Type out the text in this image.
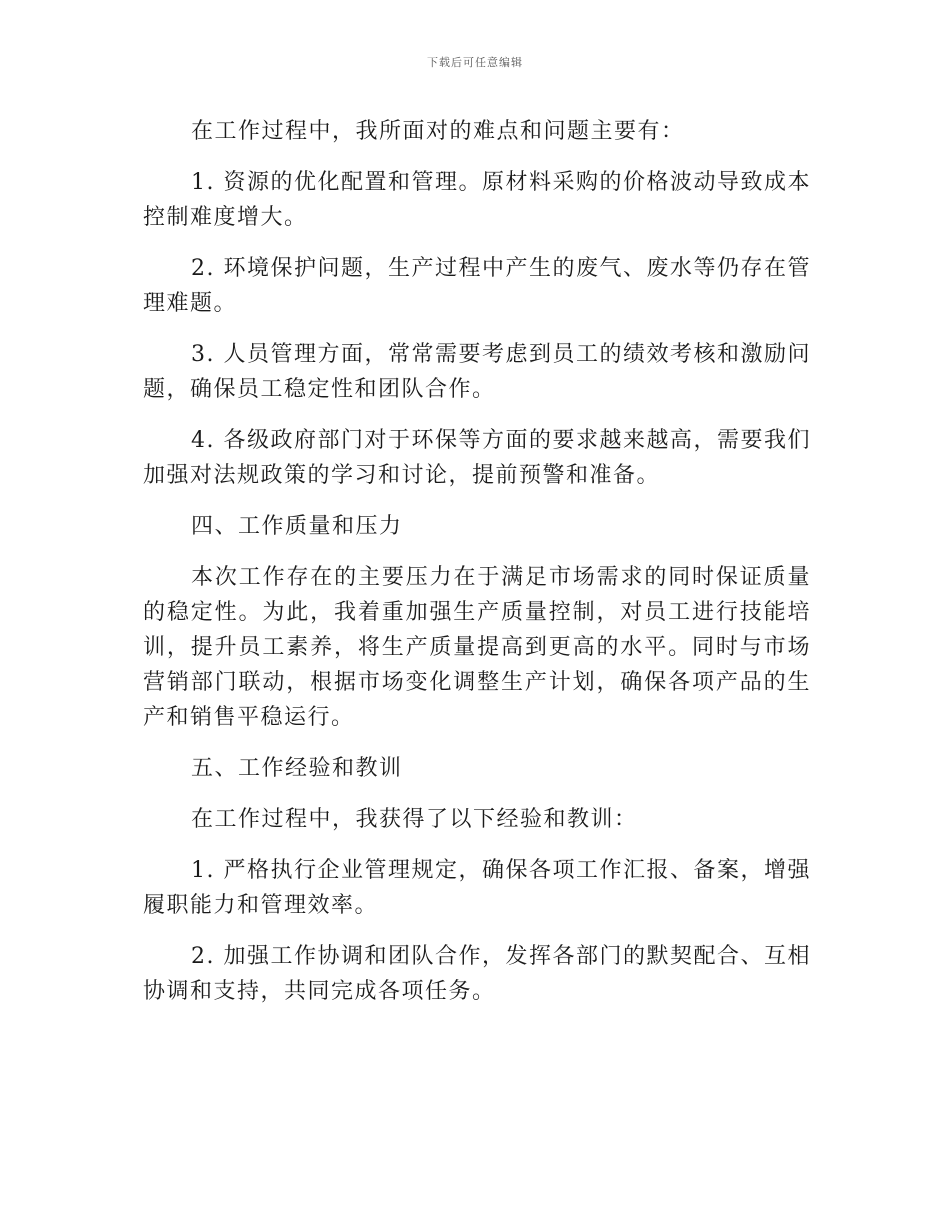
下载后可任意编辑

在工作过程中，我所面对的难点和问题主要有：

1. 资源的优化配置和管理。原材料采购的价格波动导致成本控制难度增大。

2. 环境保护问题，生产过程中产生的废气、废水等仍存在管理难题。

3. 人员管理方面，常常需要考虑到员工的绩效考核和激励问题，确保员工稳定性和团队合作。

4. 各级政府部门对于环保等方面的要求越来越高，需要我们加强对法规政策的学习和讨论，提前预警和准备。

四、工作质量和压力

本次工作存在的主要压力在于满足市场需求的同时保证质量的稳定性。为此，我着重加强生产质量控制，对员工进行技能培训，提升员工素养，将生产质量提高到更高的水平。同时与市场营销部门联动，根据市场变化调整生产计划，确保各项产品的生产和销售平稳运行。

五、工作经验和教训

在工作过程中，我获得了以下经验和教训：

1. 严格执行企业管理规定，确保各项工作汇报、备案，增强履职能力和管理效率。

2. 加强工作协调和团队合作，发挥各部门的默契配合、互相协调和支持，共同完成各项任务。
